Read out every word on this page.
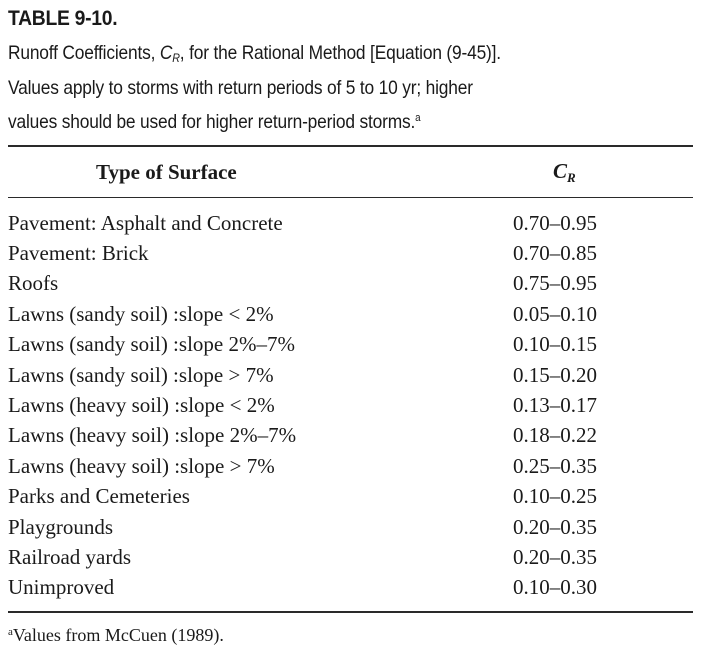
TABLE 9-10.
Runoff Coefficients, $C_R$, for the Rational Method [Equation (9-45)].
Values apply to storms with return periods of 5 to 10 yr; higher
values should be used for higher return-period storms.$^a$
Type of Surface	$C_R$

Pavement: Asphalt and Concrete	0.70–0.95
Pavement: Brick	0.70–0.85
Roofs	0.75–0.95
Lawns (sandy soil) :slope < 2%	0.05–0.10
Lawns (sandy soil) :slope 2%–7%	0.10–0.15
Lawns (sandy soil) :slope > 7%	0.15–0.20
Lawns (heavy soil) :slope < 2%	0.13–0.17
Lawns (heavy soil) :slope 2%–7%	0.18–0.22
Lawns (heavy soil) :slope > 7%	0.25–0.35
Parks and Cemeteries	0.10–0.25
Playgrounds	0.20–0.35
Railroad yards	0.20–0.35
Unimproved	0.10–0.30
$^a$Values from McCuen (1989).
